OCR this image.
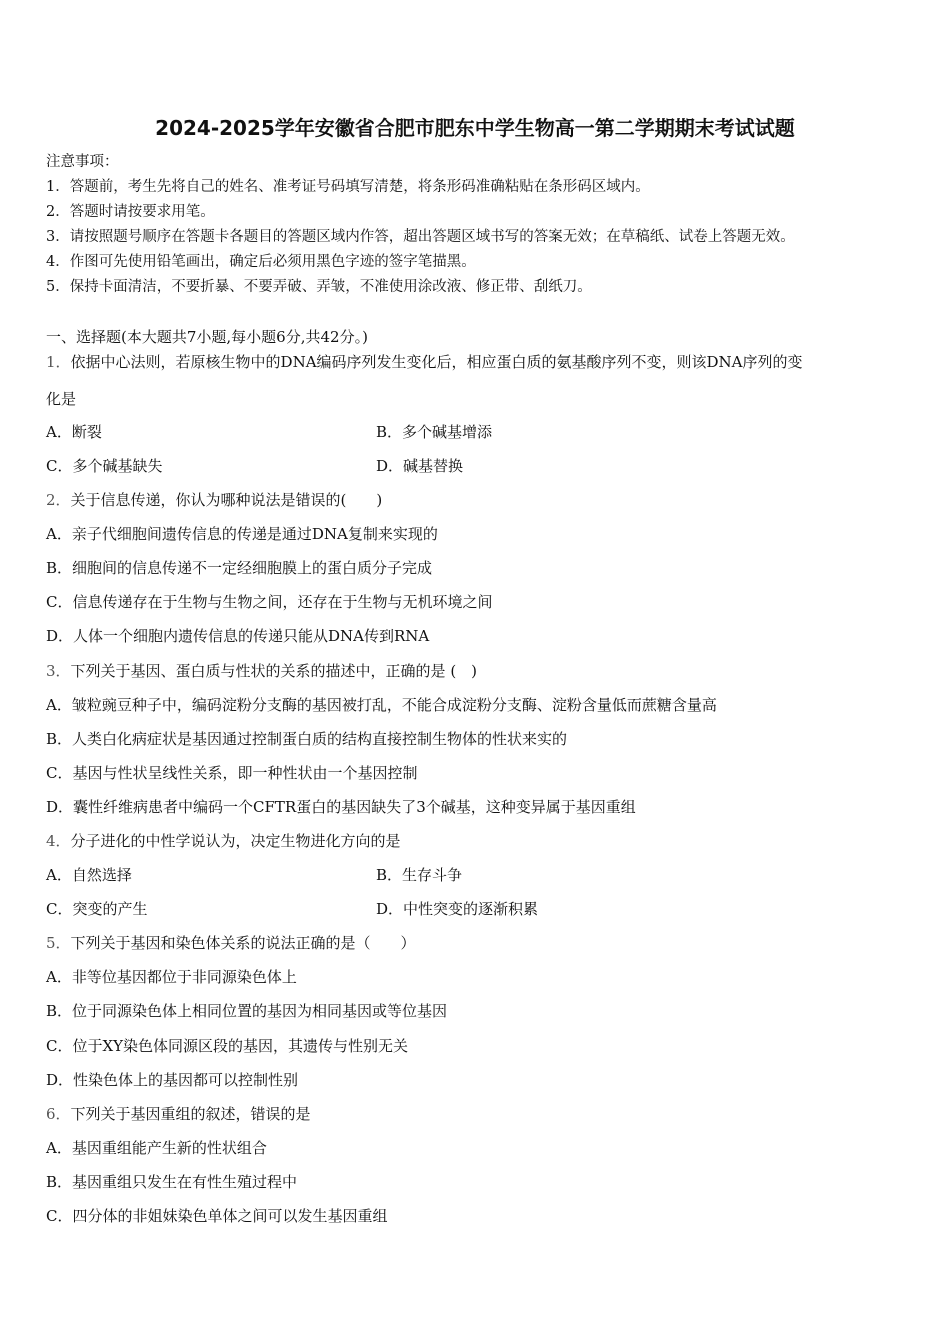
2024-2025学年安徽省合肥市肥东中学生物高一第二学期期末考试试题
注意事项：
1．答题前，考生先将自己的姓名、准考证号码填写清楚，将条形码准确粘贴在条形码区域内。
2．答题时请按要求用笔。
3．请按照题号顺序在答题卡各题目的答题区域内作答，超出答题区域书写的答案无效；在草稿纸、试卷上答题无效。
4．作图可先使用铅笔画出，确定后必须用黑色字迹的签字笔描黑。
5．保持卡面清洁，不要折暴、不要弄破、弄皱，不准使用涂改液、修正带、刮纸刀。
一、选择题(本大题共7小题,每小题6分,共42分。)
1．依据中心法则，若原核生物中的DNA编码序列发生变化后，相应蛋白质的氨基酸序列不变，则该DNA序列的变
化是
A．断裂	B．多个碱基增添
C．多个碱基缺失	D．碱基替换
2．关于信息传递，你认为哪种说法是错误的(　　)
A．亲子代细胞间遗传信息的传递是通过DNA复制来实现的
B．细胞间的信息传递不一定经细胞膜上的蛋白质分子完成
C．信息传递存在于生物与生物之间，还存在于生物与无机环境之间
D．人体一个细胞内遗传信息的传递只能从DNA传到RNA
3．下列关于基因、蛋白质与性状的关系的描述中，正确的是 (　)
A．皱粒豌豆种子中，编码淀粉分支酶的基因被打乱，不能合成淀粉分支酶、淀粉含量低而蔗糖含量高
B．人类白化病症状是基因通过控制蛋白质的结构直接控制生物体的性状来实的
C．基因与性状呈线性关系，即一种性状由一个基因控制
D．囊性纤维病患者中编码一个CFTR蛋白的基因缺失了3个碱基，这种变异属于基因重组
4．分子进化的中性学说认为，决定生物进化方向的是
A．自然选择	B．生存斗争
C．突变的产生	D．中性突变的逐渐积累
5．下列关于基因和染色体关系的说法正确的是（　　）
A．非等位基因都位于非同源染色体上
B．位于同源染色体上相同位置的基因为相同基因或等位基因
C．位于XY染色体同源区段的基因，其遗传与性别无关
D．性染色体上的基因都可以控制性别
6．下列关于基因重组的叙述，错误的是
A．基因重组能产生新的性状组合
B．基因重组只发生在有性生殖过程中
C．四分体的非姐妹染色单体之间可以发生基因重组
